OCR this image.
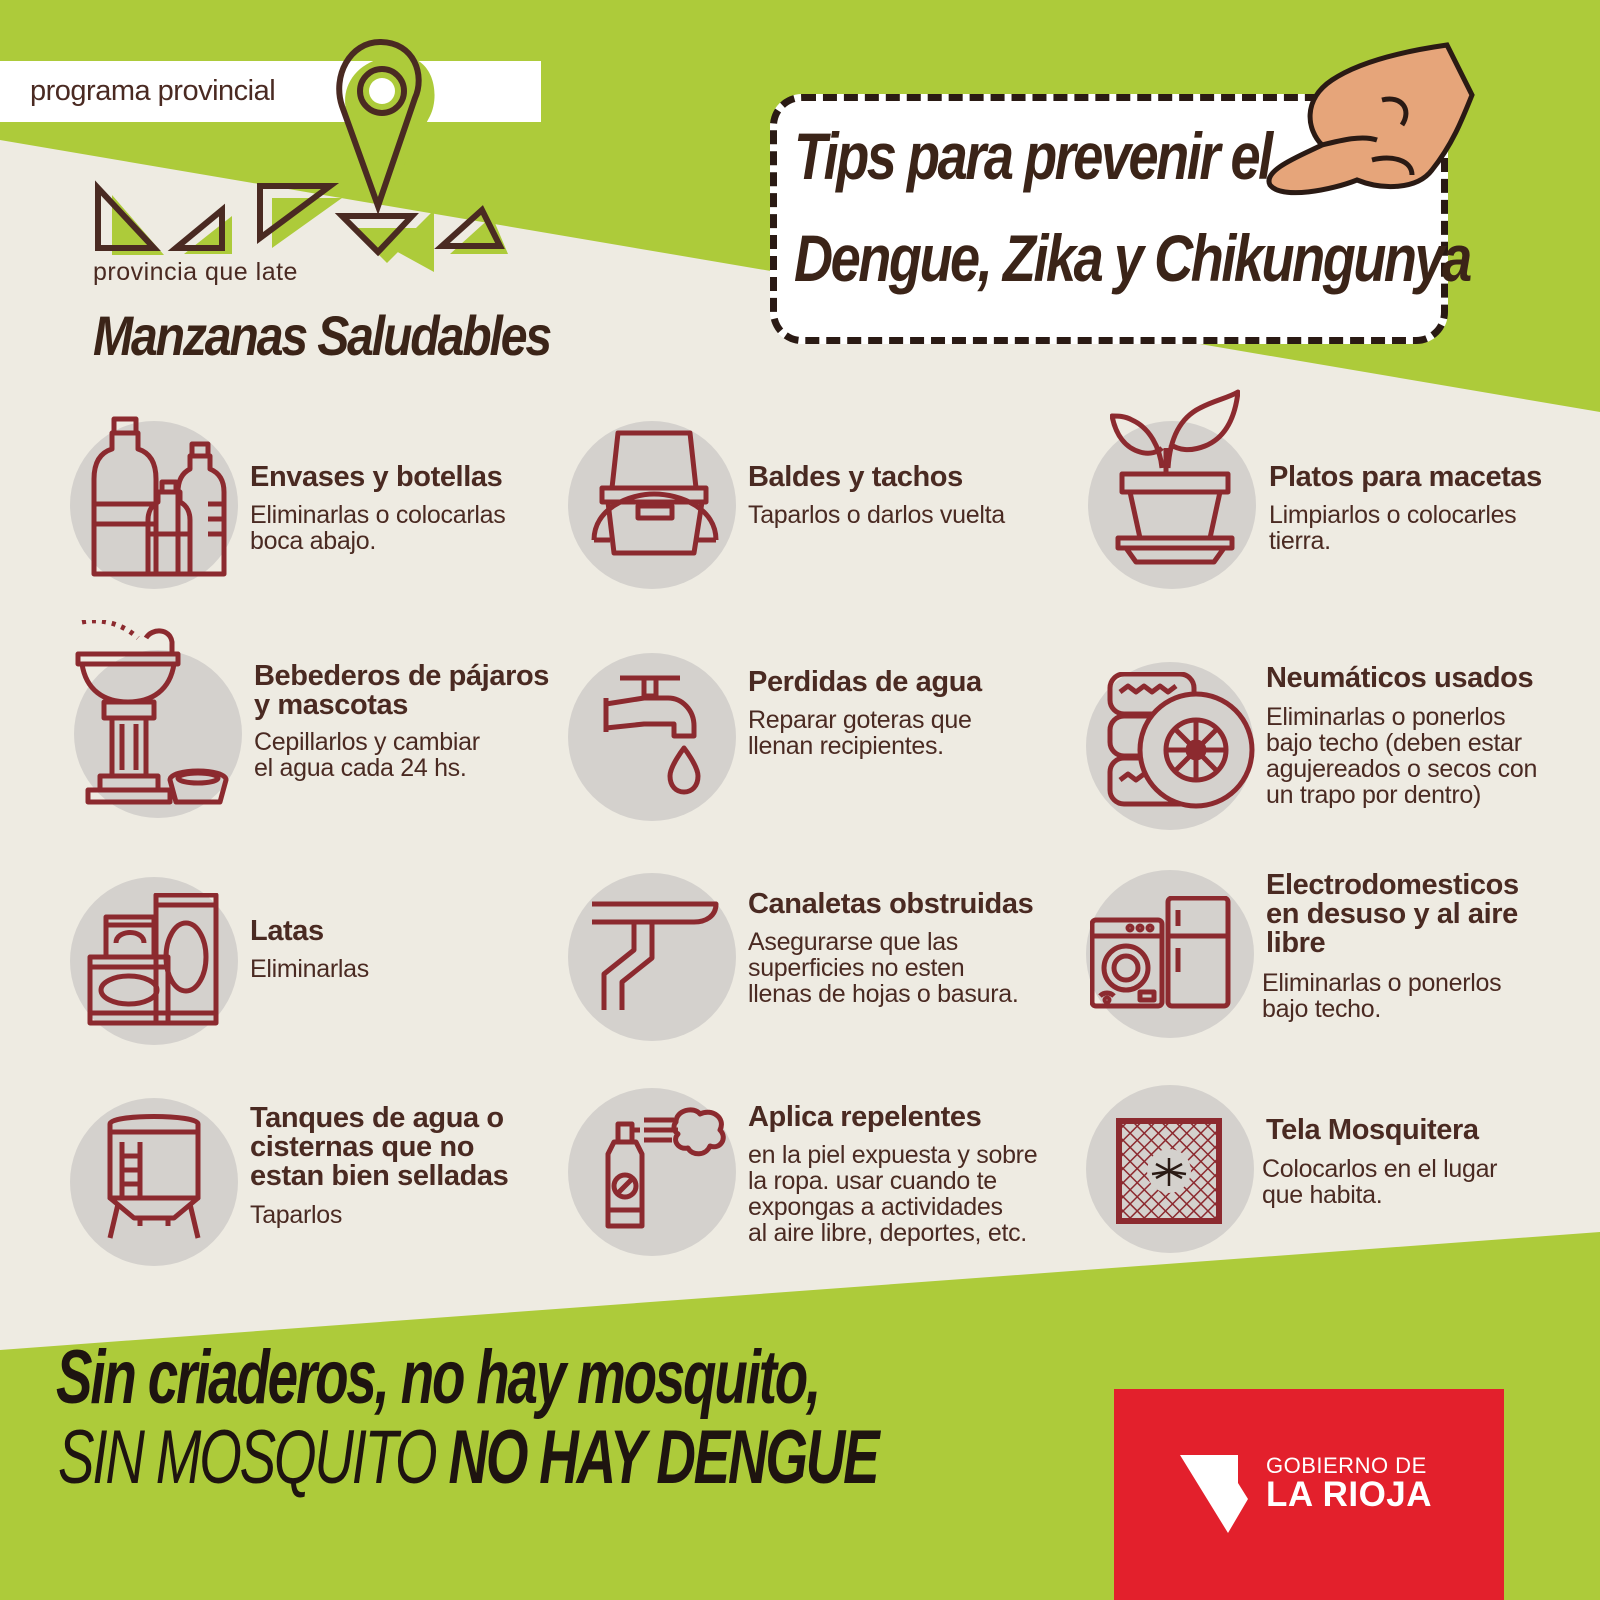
programa provincial
provincia que late
Manzanas Saludables
Tips para prevenir el
Dengue, Zika y Chikungunya
Envases y botellas
Eliminarlas o colocarlas
boca abajo.
Baldes y tachos
Taparlos o darlos vuelta
Platos para macetas
Limpiarlos o colocarles
tierra.
Bebederos de pájaros
y mascotas
Cepillarlos y cambiar
el agua cada 24 hs.
Perdidas de agua
Reparar goteras que
llenan recipientes.
Neumáticos usados
Eliminarlas o ponerlos
bajo techo (deben estar
agujereados o secos con
un trapo por dentro)
Latas
Eliminarlas
Canaletas obstruidas
Asegurarse que las
superficies no esten
llenas de hojas o basura.
Electrodomesticos
en desuso y al aire
libre
Eliminarlas o ponerlos
bajo techo.
Tanques de agua o
cisternas que no
estan bien selladas
Taparlos
Aplica repelentes
en la piel expuesta y sobre
la ropa. usar cuando te
expongas a actividades
al aire libre, deportes, etc.
Tela Mosquitera
Colocarlos en el lugar
que habita.
Sin criaderos, no hay mosquito,
SIN MOSQUITO NO HAY DENGUE	GOBIERNO DE
LA RIOJA
